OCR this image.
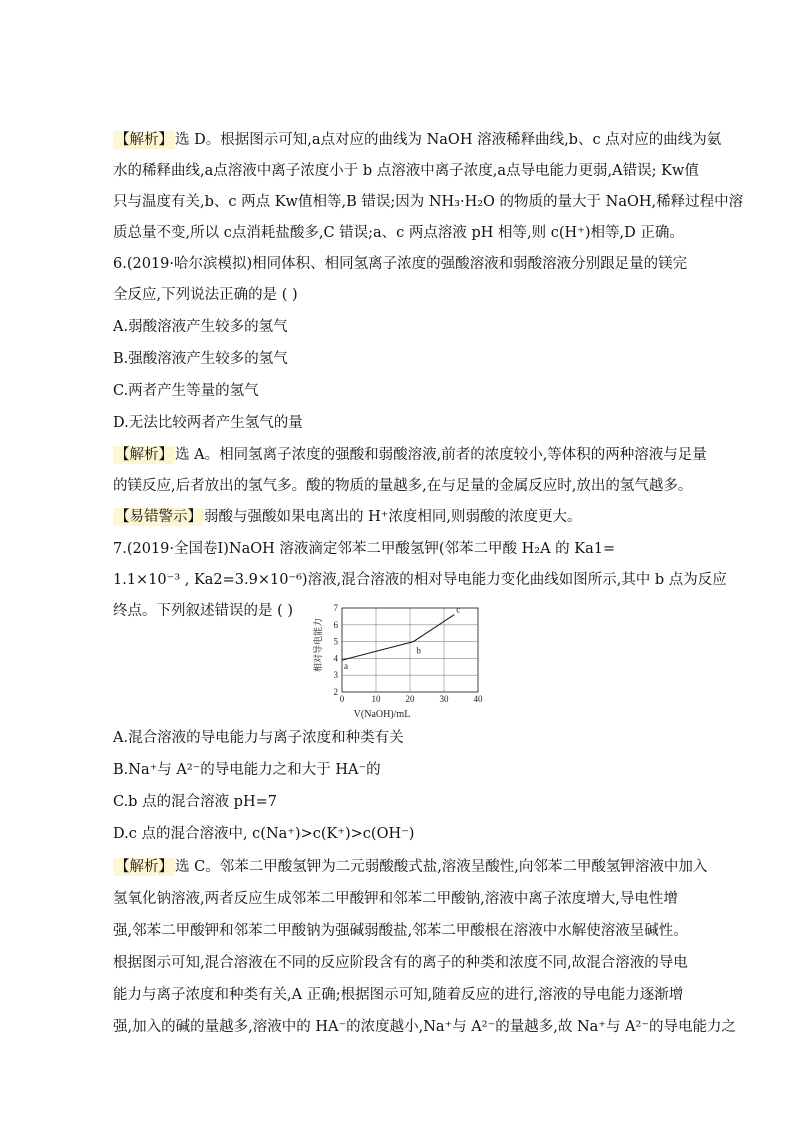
【解析】 选 D。根据图示可知,a点对应的曲线为 NaOH 溶液稀释曲线,b、c 点对应的曲线为氨
水的稀释曲线,a点溶液中离子浓度小于 b 点溶液中离子浓度,a点导电能力更弱,A错误; Kw值
只与温度有关,b、c 两点 Kw值相等,B 错误;因为 NH₃·H₂O 的物质的量大于 NaOH,稀释过程中溶
质总量不变,所以 c点消耗盐酸多,C 错误;a、c 两点溶液 pH 相等,则 c(H⁺)相等,D 正确。
6.(2019·哈尔滨模拟)相同体积、相同氢离子浓度的强酸溶液和弱酸溶液分别跟足量的镁完
全反应,下列说法正确的是 ( )
A.弱酸溶液产生较多的氢气
B.强酸溶液产生较多的氢气
C.两者产生等量的氢气
D.无法比较两者产生氢气的量
【解析】 选 A。相同氢离子浓度的强酸和弱酸溶液,前者的浓度较小,等体积的两种溶液与足量
的镁反应,后者放出的氢气多。酸的物质的量越多,在与足量的金属反应时,放出的氢气越多。
【易错警示】 弱酸与强酸如果电离出的 H⁺浓度相同,则弱酸的浓度更大。
7.(2019·全国卷Ⅰ)NaOH 溶液滴定邻苯二甲酸氢钾(邻苯二甲酸 H₂A 的 Ka1=
1.1×10⁻³ , Ka2=3.9×10⁻⁶)溶液,混合溶液的相对导电能力变化曲线如图所示,其中 b 点为反应
终点。下列叙述错误的是 ( )
2
3
4
5
6
7
0	10	20	30	40
a
b
c
V(NaOH)/mL
相对导电能力
A.混合溶液的导电能力与离子浓度和种类有关
B.Na⁺与 A²⁻的导电能力之和大于 HA⁻的
C.b 点的混合溶液 pH=7
D.c 点的混合溶液中, c(Na⁺)>c(K⁺)>c(OH⁻)
【解析】 选 C。邻苯二甲酸氢钾为二元弱酸酸式盐,溶液呈酸性,向邻苯二甲酸氢钾溶液中加入
氢氧化钠溶液,两者反应生成邻苯二甲酸钾和邻苯二甲酸钠,溶液中离子浓度增大,导电性增
强,邻苯二甲酸钾和邻苯二甲酸钠为强碱弱酸盐,邻苯二甲酸根在溶液中水解使溶液呈碱性。
根据图示可知,混合溶液在不同的反应阶段含有的离子的种类和浓度不同,故混合溶液的导电
能力与离子浓度和种类有关,A 正确;根据图示可知,随着反应的进行,溶液的导电能力逐渐增
强,加入的碱的量越多,溶液中的 HA⁻的浓度越小,Na⁺与 A²⁻的量越多,故 Na⁺与 A²⁻的导电能力之
